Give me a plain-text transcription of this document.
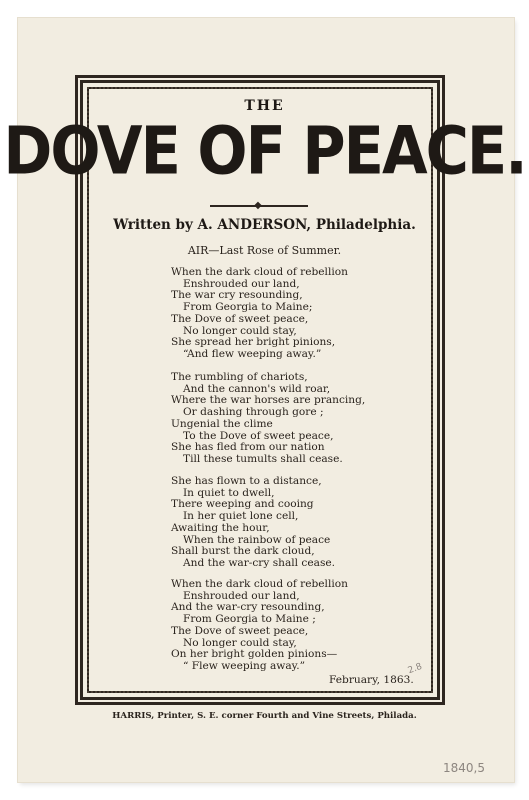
THE
DOVE OF PEACE.
◆
Written by A. ANDERSON, Philadelphia.
AIR—Last Rose of Summer.
When the dark cloud of rebellion
Enshrouded our land,
The war cry resounding,
From Georgia to Maine;
The Dove of sweet peace,
No longer could stay,
She spread her bright pinions,
“And flew weeping away.”
The rumbling of chariots,
And the cannon's wild roar,
Where the war horses are prancing,
Or dashing through gore ;
Ungenial the clime
To the Dove of sweet peace,
She has fled from our nation
Till these tumults shall cease.
She has flown to a distance,
In quiet to dwell,
There weeping and cooing
In her quiet lone cell,
Awaiting the hour,
When the rainbow of peace
Shall burst the dark cloud,
And the war-cry shall cease.
When the dark cloud of rebellion
Enshrouded our land,
And the war-cry resounding,
From Georgia to Maine ;
The Dove of sweet peace,
No longer could stay,
On her bright golden pinions—
“ Flew weeping away.”
February, 1863.
HARRIS, Printer, S. E. corner Fourth and Vine Streets, Philada.
2.8
1840,5
